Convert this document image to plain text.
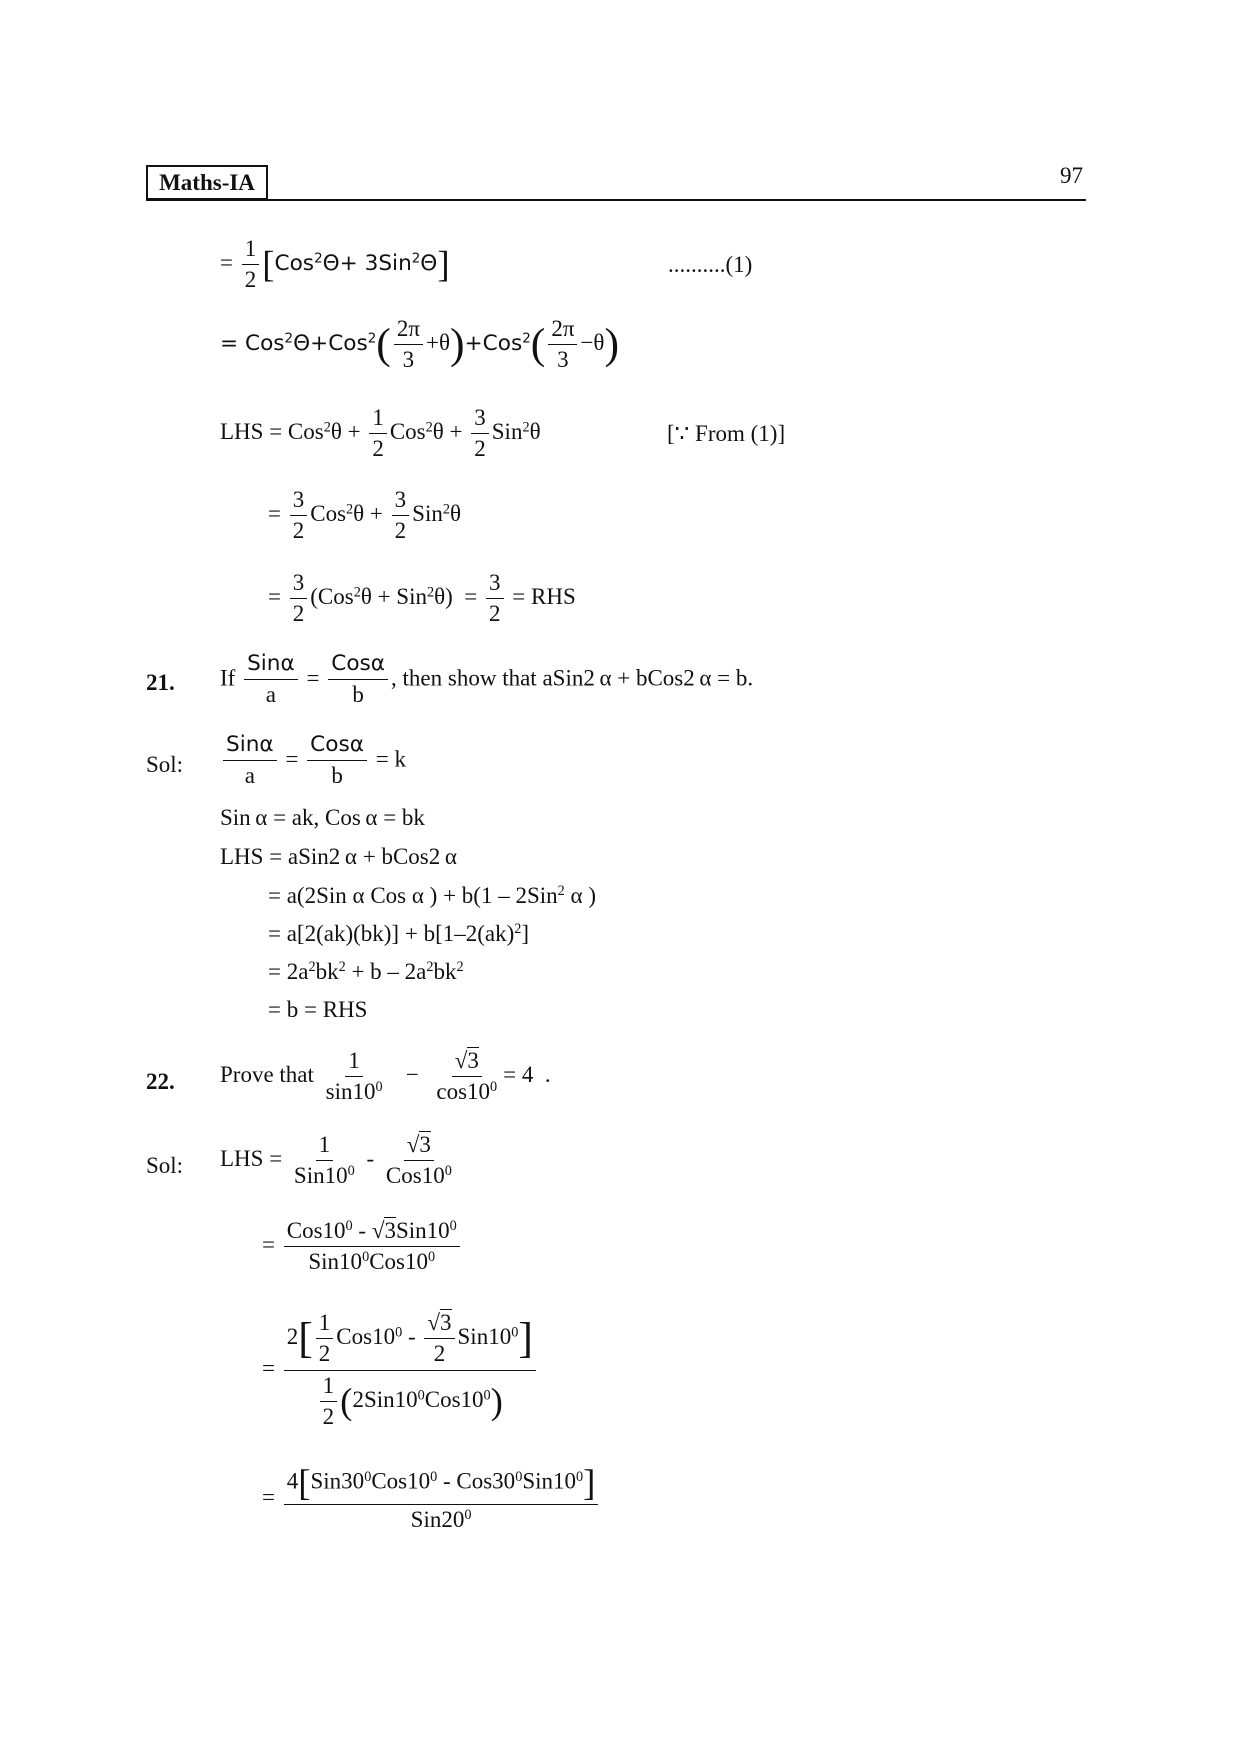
Maths-IA	97
= $\frac{1}{2} [Cos^2\Theta+ 3Sin^2\Theta]$	..........(1)
= $Cos^2\Theta+Cos^2( \frac{2\pi}{3} +\theta)+Cos^2( \frac{2\pi}{3} -\theta)$
LHS = $Cos^2\theta + \frac{1}{2} Cos^2\theta + \frac{3}{2} Sin^2\theta$	[∵ From (1)]
= $\frac{3}{2} Cos^2\theta + \frac{3}{2} Sin^2\theta$
= $\frac{3}{2} (Cos^2\theta + Sin^2\theta) = \frac{3}{2}$ = RHS
21. If $\frac{\text{Sinα}}{a} = \frac{\text{Cosα}}{b}$ , then show that aSin2 α + bCos2 α = b.
Sol: $\frac{\text{Sinα}}{a} = \frac{\text{Cosα}}{b} = k$
Sin α = ak, Cos α = bk
LHS = aSin2 α + bCos2 α
= a(2Sin α Cos α ) + b(1 – 2Sin$^2$ α )
= a[2(ak)(bk)] + b[1–2(ak)$^2$]
= $2a^2bk^2 + b - 2a^2bk^2$
= b = RHS
22. Prove that $\frac{1}{\sin 10^0} - \frac{√3}{\cos 10^0} = 4$  .
Sol: LHS = $\frac{1}{Sin10^0} - \frac{√3}{Cos10^0}$
= $\frac{Cos10^0 - √3Sin10^0}{Sin10^0Cos10^0}$
= $\frac{2[ \frac{1}{2} Cos10^0 - \frac{√3}{2} Sin10^0]}{\frac{1}{2} (2Sin10^0Cos10^0)}$
= $\frac{4[Sin30^0Cos10^0 - Cos30^0Sin10^0]}{Sin20^0}$
